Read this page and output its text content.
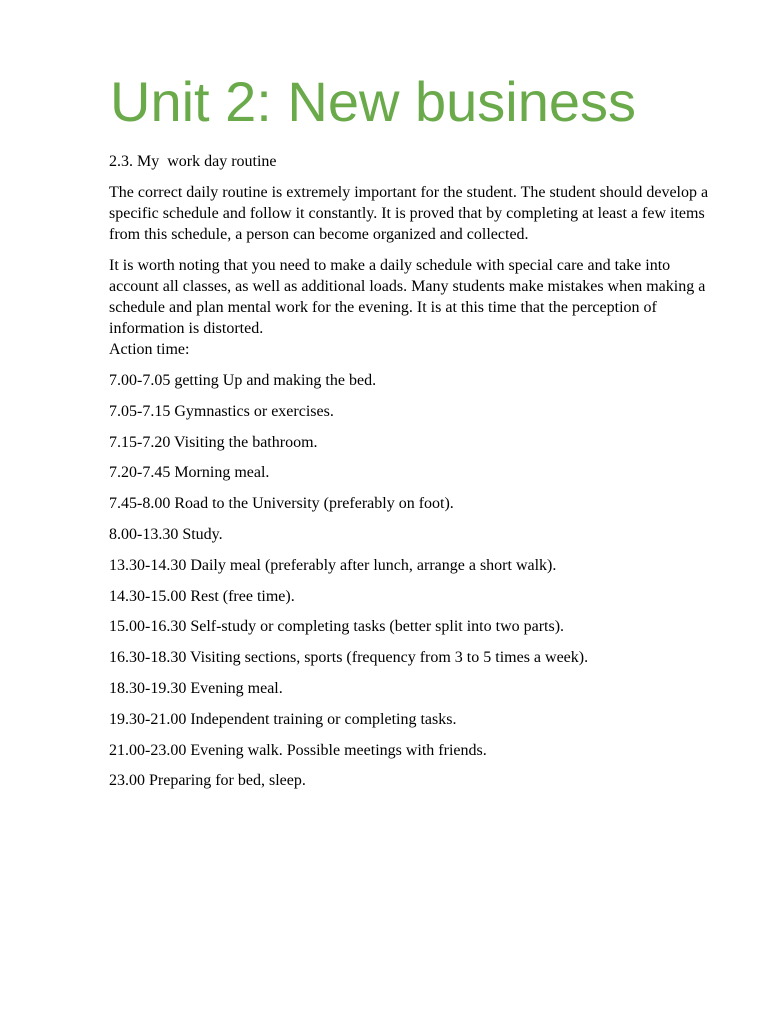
Unit 2: New business

2.3. My  work day routine

The correct daily routine is extremely important for the student. The student should develop a specific schedule and follow it constantly. It is proved that by completing at least a few items from this schedule, a person can become organized and collected.

It is worth noting that you need to make a daily schedule with special care and take into account all classes, as well as additional loads. Many students make mistakes when making a schedule and plan mental work for the evening. It is at this time that the perception of information is distorted.

Action time:

7.00-7.05 getting Up and making the bed.
7.05-7.15 Gymnastics or exercises.
7.15-7.20 Visiting the bathroom.
7.20-7.45 Morning meal.
7.45-8.00 Road to the University (preferably on foot).
8.00-13.30 Study.
13.30-14.30 Daily meal (preferably after lunch, arrange a short walk).
14.30-15.00 Rest (free time).
15.00-16.30 Self-study or completing tasks (better split into two parts).
16.30-18.30 Visiting sections, sports (frequency from 3 to 5 times a week).
18.30-19.30 Evening meal.
19.30-21.00 Independent training or completing tasks.
21.00-23.00 Evening walk. Possible meetings with friends.
23.00 Preparing for bed, sleep.
